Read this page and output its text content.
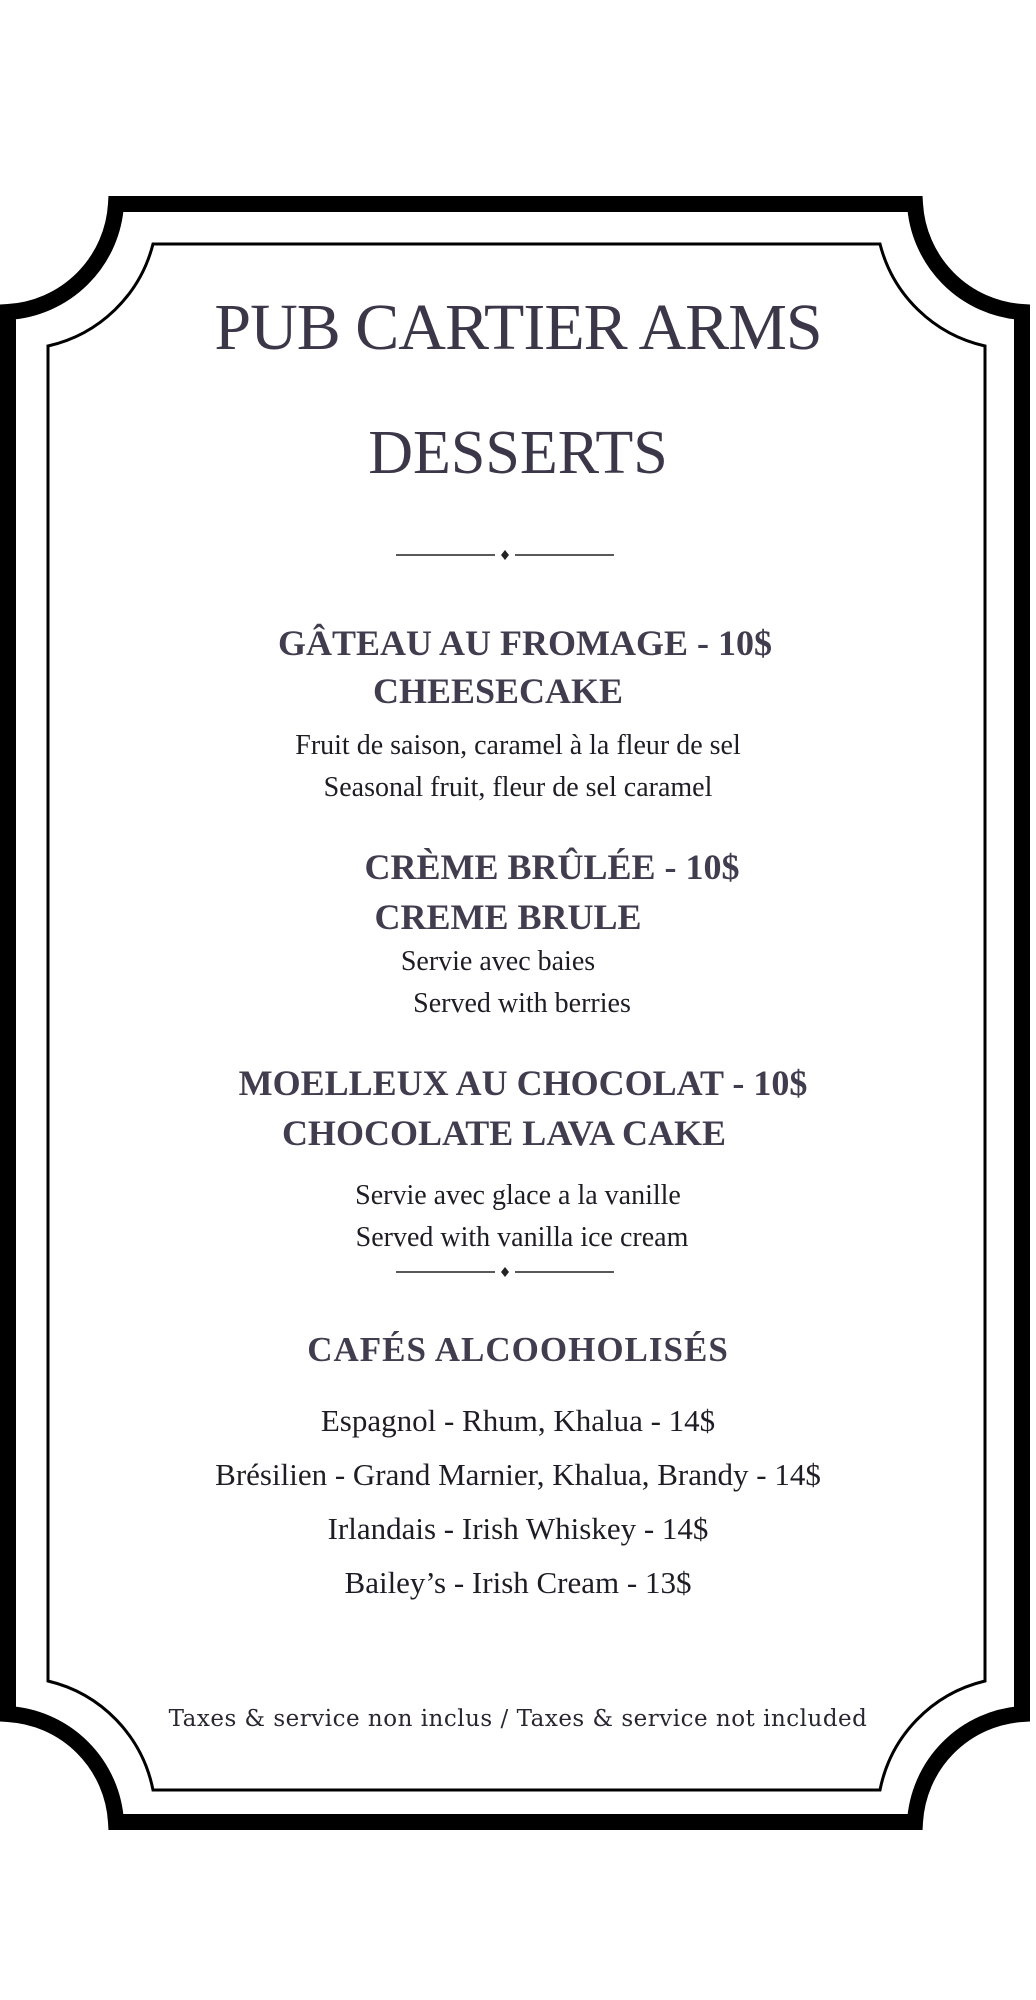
PUB CARTIER ARMS
DESSERTS
GÂTEAU AU FROMAGE - 10$
CHEESECAKE
Fruit de saison, caramel à la fleur de sel
Seasonal fruit, fleur de sel caramel
CRÈME BRÛLÉE - 10$
CREME BRULE
Servie avec baies
Served with berries
MOELLEUX AU CHOCOLAT - 10$
CHOCOLATE LAVA CAKE
Servie avec glace a la vanille
Served with vanilla ice cream
CAFÉS ALCOOHOLISÉS
Espagnol - Rhum, Khalua - 14$
Brésilien - Grand Marnier, Khalua, Brandy - 14$
Irlandais - Irish Whiskey - 14$
Bailey’s - Irish Cream - 13$
Taxes & service non inclus / Taxes & service not included
